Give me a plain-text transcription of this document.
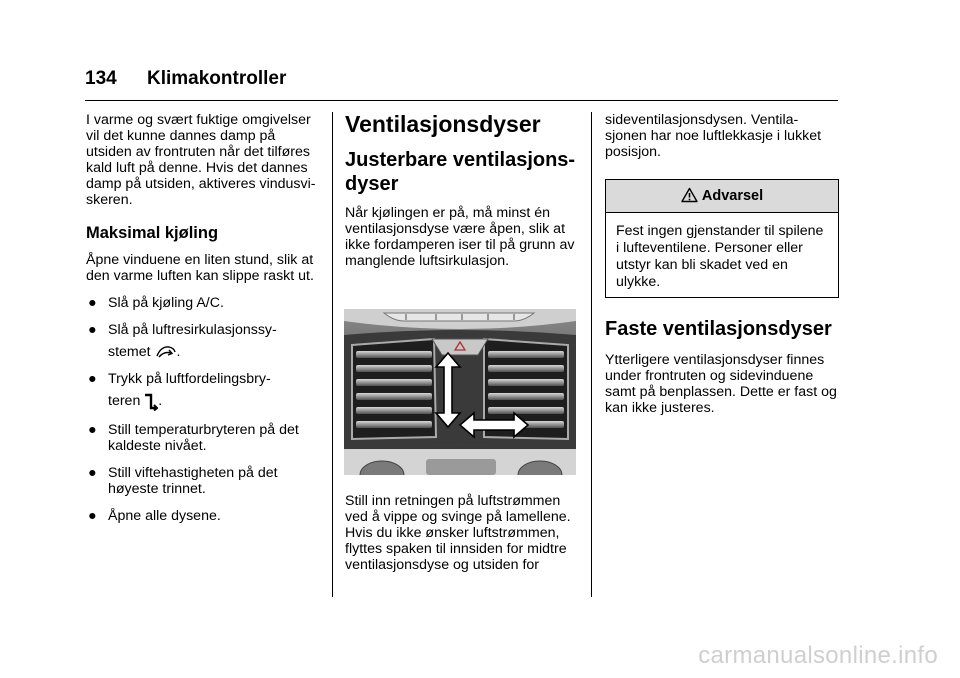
134 Klimakontroller

I varme og svært fuktige omgivelser vil det kunne dannes damp på utsiden av frontruten når det tilføres kald luft på denne. Hvis det dannes damp på utsiden, aktiveres vindusvi- skeren.

Maksimal kjøling

Åpne vinduene en liten stund, slik at den varme luften kan slippe raskt ut.

● Slå på kjøling A/C.
● Slå på luftresirkulasjonssy-
stemet .
● Trykk på luftfordelingsbry-
teren .
● Still temperaturbryteren på det kaldeste nivået.
● Still viftehastigheten på det høyeste trinnet.
● Åpne alle dysene.
Ventilasjonsdyser
Justerbare ventilasjons- dyser

Når kjølingen er på, må minst én ventilasjonsdyse være åpen, slik at ikke fordamperen iser til på grunn av manglende luftsirkulasjon.

Still inn retningen på luftstrømmen ved å vippe og svinge på lamellene. Hvis du ikke ønsker luftstrømmen, flyttes spaken til innsiden for midtre ventilasjonsdyse og utsiden for

sideventilasjonsdysen. Ventila- sjonen har noe luftlekkasje i lukket posisjon.

Advarsel
Fest ingen gjenstander til spilene i lufteventilene. Personer eller utstyr kan bli skadet ved en ulykke.
Faste ventilasjonsdyser

Ytterligere ventilasjonsdyser finnes under frontruten og sidevinduene samt på benplassen. Dette er fast og kan ikke justeres.

carmanualsonline.info
